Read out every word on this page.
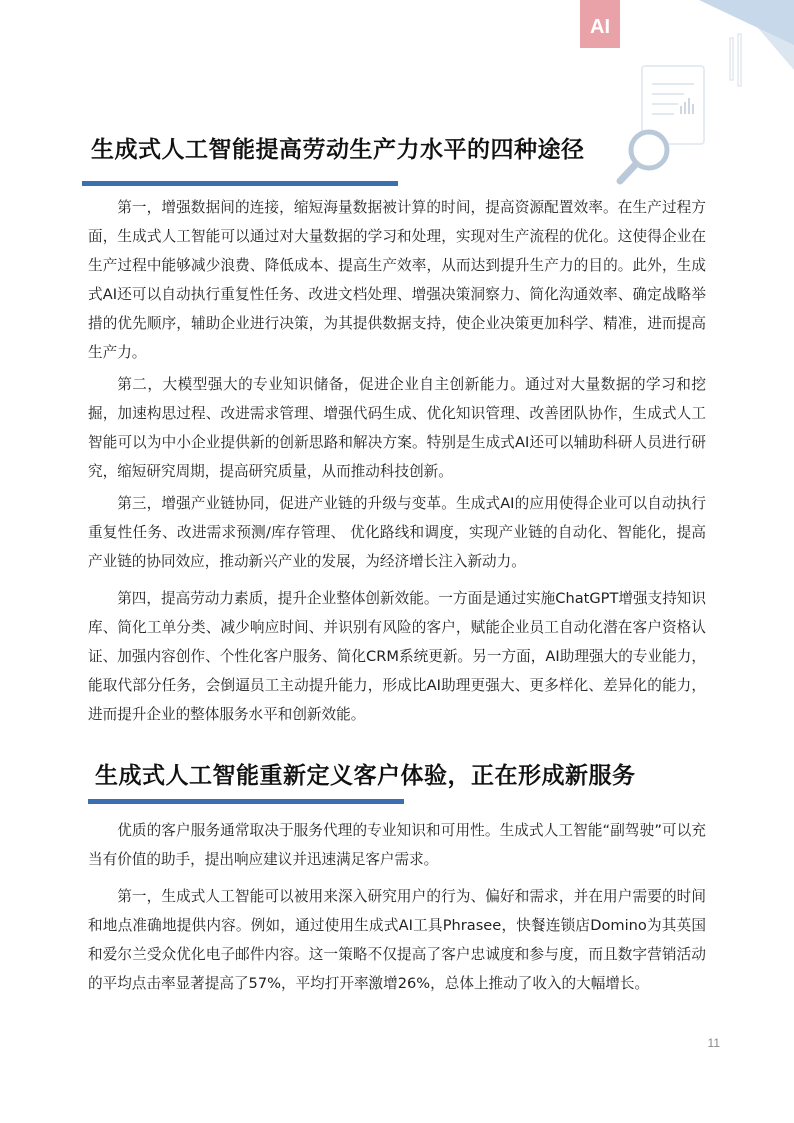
AI
生成式人工智能提高劳动生产力水平的四种途径

第一，增强数据间的连接，缩短海量数据被计算的时间，提高资源配置效率。在生产过程方面，生成式人工智能可以通过对大量数据的学习和处理，实现对生产流程的优化。这使得企业在生产过程中能够减少浪费、降低成本、提高生产效率，从而达到提升生产力的目的。此外，生成式AI还可以自动执行重复性任务、改进文档处理、增强决策洞察力、简化沟通效率、确定战略举措的优先顺序，辅助企业进行决策，为其提供数据支持，使企业决策更加科学、精准，进而提高生产力。

第二，大模型强大的专业知识储备，促进企业自主创新能力。通过对大量数据的学习和挖掘，加速构思过程、改进需求管理、增强代码生成、优化知识管理、改善团队协作，生成式人工智能可以为中小企业提供新的创新思路和解决方案。特别是生成式AI还可以辅助科研人员进行研究，缩短研究周期，提高研究质量，从而推动科技创新。

第三，增强产业链协同，促进产业链的升级与变革。生成式AI的应用使得企业可以自动执行重复性任务、改进需求预测/库存管理、 优化路线和调度，实现产业链的自动化、智能化，提高产业链的协同效应，推动新兴产业的发展，为经济增长注入新动力。

第四，提高劳动力素质，提升企业整体创新效能。一方面是通过实施ChatGPT增强支持知识库、简化工单分类、减少响应时间、并识别有风险的客户，赋能企业员工自动化潜在客户资格认证、加强内容创作、个性化客户服务、简化CRM系统更新。另一方面，AI助理强大的专业能力，能取代部分任务，会倒逼员工主动提升能力，形成比AI助理更强大、更多样化、差异化的能力，进而提升企业的整体服务水平和创新效能。

生成式人工智能重新定义客户体验，正在形成新服务

优质的客户服务通常取决于服务代理的专业知识和可用性。生成式人工智能“副驾驶”可以充当有价值的助手，提出响应建议并迅速满足客户需求。

第一，生成式人工智能可以被用来深入研究用户的行为、偏好和需求，并在用户需要的时间和地点准确地提供内容。例如，通过使用生成式AI工具Phrasee，快餐连锁店Domino为其英国和爱尔兰受众优化电子邮件内容。这一策略不仅提高了客户忠诚度和参与度，而且数字营销活动的平均点击率显著提高了57%，平均打开率激增26%，总体上推动了收入的大幅增长。

11
